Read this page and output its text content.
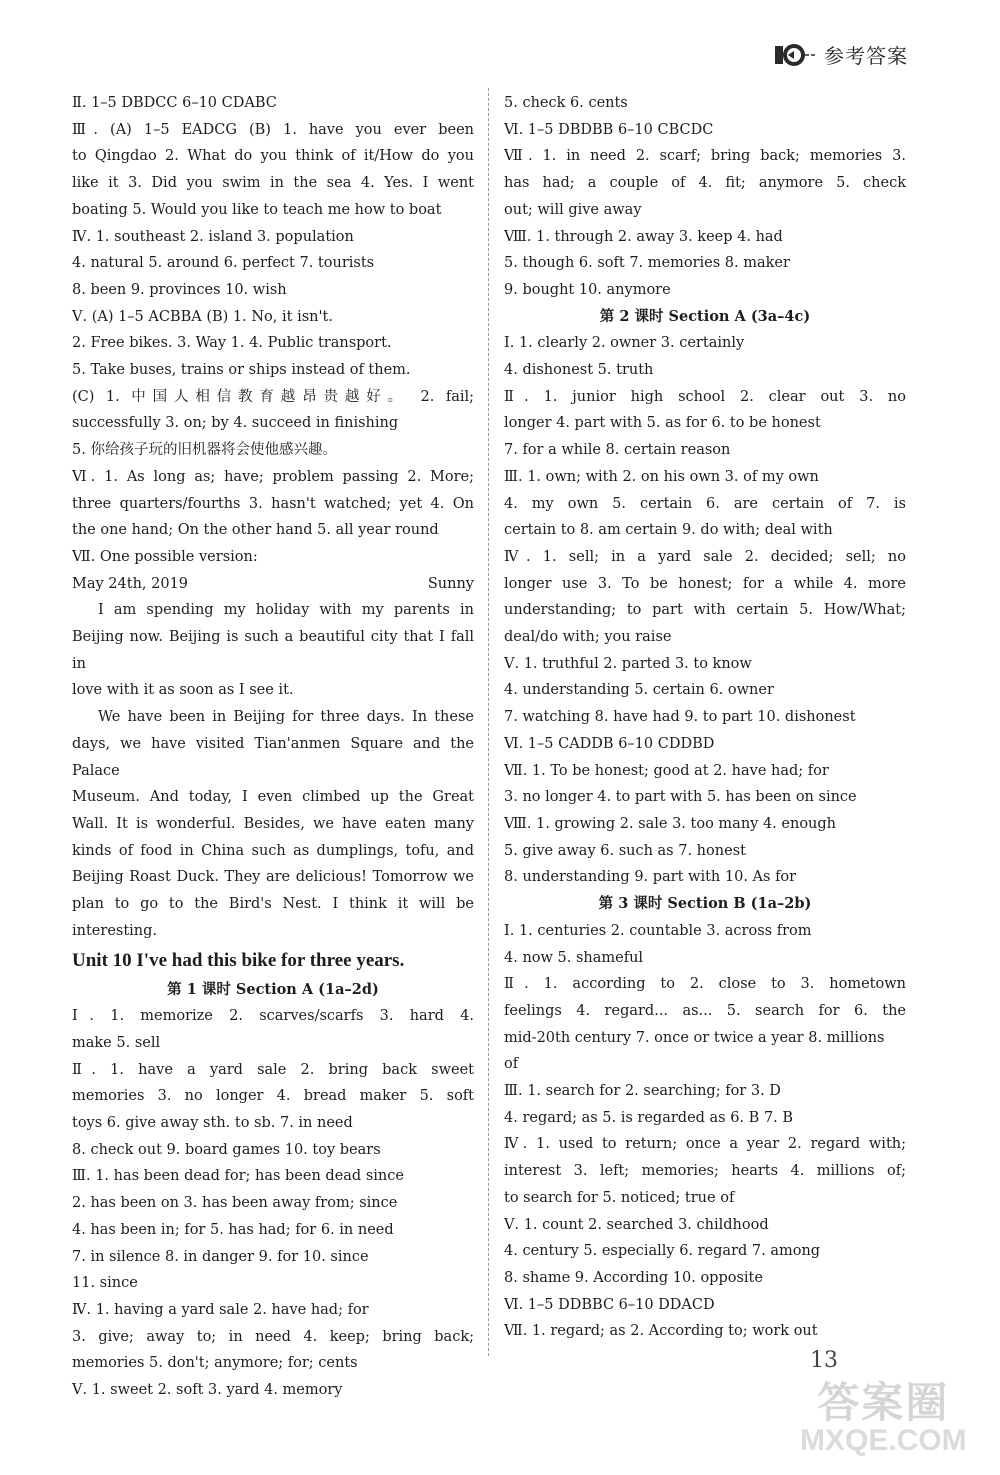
参考答案
Ⅱ. 1–5 DBDCC 6–10 CDABC
Ⅲ. (A) 1–5 EADCG (B) 1. have you ever been
to Qingdao 2. What do you think of it/How do you
like it 3. Did you swim in the sea 4. Yes. I went
boating 5. Would you like to teach me how to boat
Ⅳ. 1. southeast 2. island 3. population
4. natural 5. around 6. perfect 7. tourists
8. been 9. provinces 10. wish
Ⅴ. (A) 1–5 ACBBA (B) 1. No, it isn't.
2. Free bikes. 3. Way 1. 4. Public transport.
5. Take buses, trains or ships instead of them.
(C) 1. 中国人相信教育越昂贵越好。 2. fail;
successfully 3. on; by 4. succeed in finishing
5. 你给孩子玩的旧机器将会使他感兴趣。
Ⅵ. 1. As long as; have; problem passing 2. More;
three quarters/fourths 3. hasn't watched; yet 4. On
the one hand; On the other hand 5. all year round
Ⅶ. One possible version:
May 24th, 2019	Sunny
I am spending my holiday with my parents in
Beijing now. Beijing is such a beautiful city that I fall in
love with it as soon as I see it.
We have been in Beijing for three days. In these
days, we have visited Tian'anmen Square and the Palace
Museum. And today, I even climbed up the Great
Wall. It is wonderful. Besides, we have eaten many
kinds of food in China such as dumplings, tofu, and
Beijing Roast Duck. They are delicious! Tomorrow we
plan to go to the Bird's Nest. I think it will be
interesting.
Unit 10 I've had this bike for three years.
第 1 课时 Section A (1a–2d)
Ⅰ. 1. memorize 2. scarves/scarfs 3. hard 4.
make 5. sell
Ⅱ. 1. have a yard sale 2. bring back sweet
memories 3. no longer 4. bread maker 5. soft
toys 6. give away sth. to sb. 7. in need
8. check out 9. board games 10. toy bears
Ⅲ. 1. has been dead for; has been dead since
2. has been on 3. has been away from; since
4. has been in; for 5. has had; for 6. in need
7. in silence 8. in danger 9. for 10. since
11. since
Ⅳ. 1. having a yard sale 2. have had; for
3. give; away to; in need 4. keep; bring back;
memories 5. don't; anymore; for; cents
Ⅴ. 1. sweet 2. soft 3. yard 4. memory
5. check 6. cents
Ⅵ. 1–5 DBDBB 6–10 CBCDC
Ⅶ. 1. in need 2. scarf; bring back; memories 3.
has had; a couple of 4. fit; anymore 5. check
out; will give away
Ⅷ. 1. through 2. away 3. keep 4. had
5. though 6. soft 7. memories 8. maker
9. bought 10. anymore
第 2 课时 Section A (3a–4c)
Ⅰ. 1. clearly 2. owner 3. certainly
4. dishonest 5. truth
Ⅱ. 1. junior high school 2. clear out 3. no
longer 4. part with 5. as for 6. to be honest
7. for a while 8. certain reason
Ⅲ. 1. own; with 2. on his own 3. of my own
4. my own 5. certain 6. are certain of 7. is
certain to 8. am certain 9. do with; deal with
Ⅳ. 1. sell; in a yard sale 2. decided; sell; no
longer use 3. To be honest; for a while 4. more
understanding; to part with certain 5. How/What;
deal/do with; you raise
Ⅴ. 1. truthful 2. parted 3. to know
4. understanding 5. certain 6. owner
7. watching 8. have had 9. to part 10. dishonest
Ⅵ. 1–5 CADDB 6–10 CDDBD
Ⅶ. 1. To be honest; good at 2. have had; for
3. no longer 4. to part with 5. has been on since
Ⅷ. 1. growing 2. sale 3. too many 4. enough
5. give away 6. such as 7. honest
8. understanding 9. part with 10. As for
第 3 课时 Section B (1a–2b)
Ⅰ. 1. centuries 2. countable 3. across from
4. now 5. shameful
Ⅱ. 1. according to 2. close to 3. hometown
feelings 4. regard... as... 5. search for 6. the
mid-20th century 7. once or twice a year 8. millions
of
Ⅲ. 1. search for 2. searching; for 3. D
4. regard; as 5. is regarded as 6. B 7. B
Ⅳ. 1. used to return; once a year 2. regard with;
interest 3. left; memories; hearts 4. millions of;
to search for 5. noticed; true of
Ⅴ. 1. count 2. searched 3. childhood
4. century 5. especially 6. regard 7. among
8. shame 9. According 10. opposite
Ⅵ. 1–5 DDBBC 6–10 DDACD
Ⅶ. 1. regard; as 2. According to; work out
13
答案圈
MXQE.COM
